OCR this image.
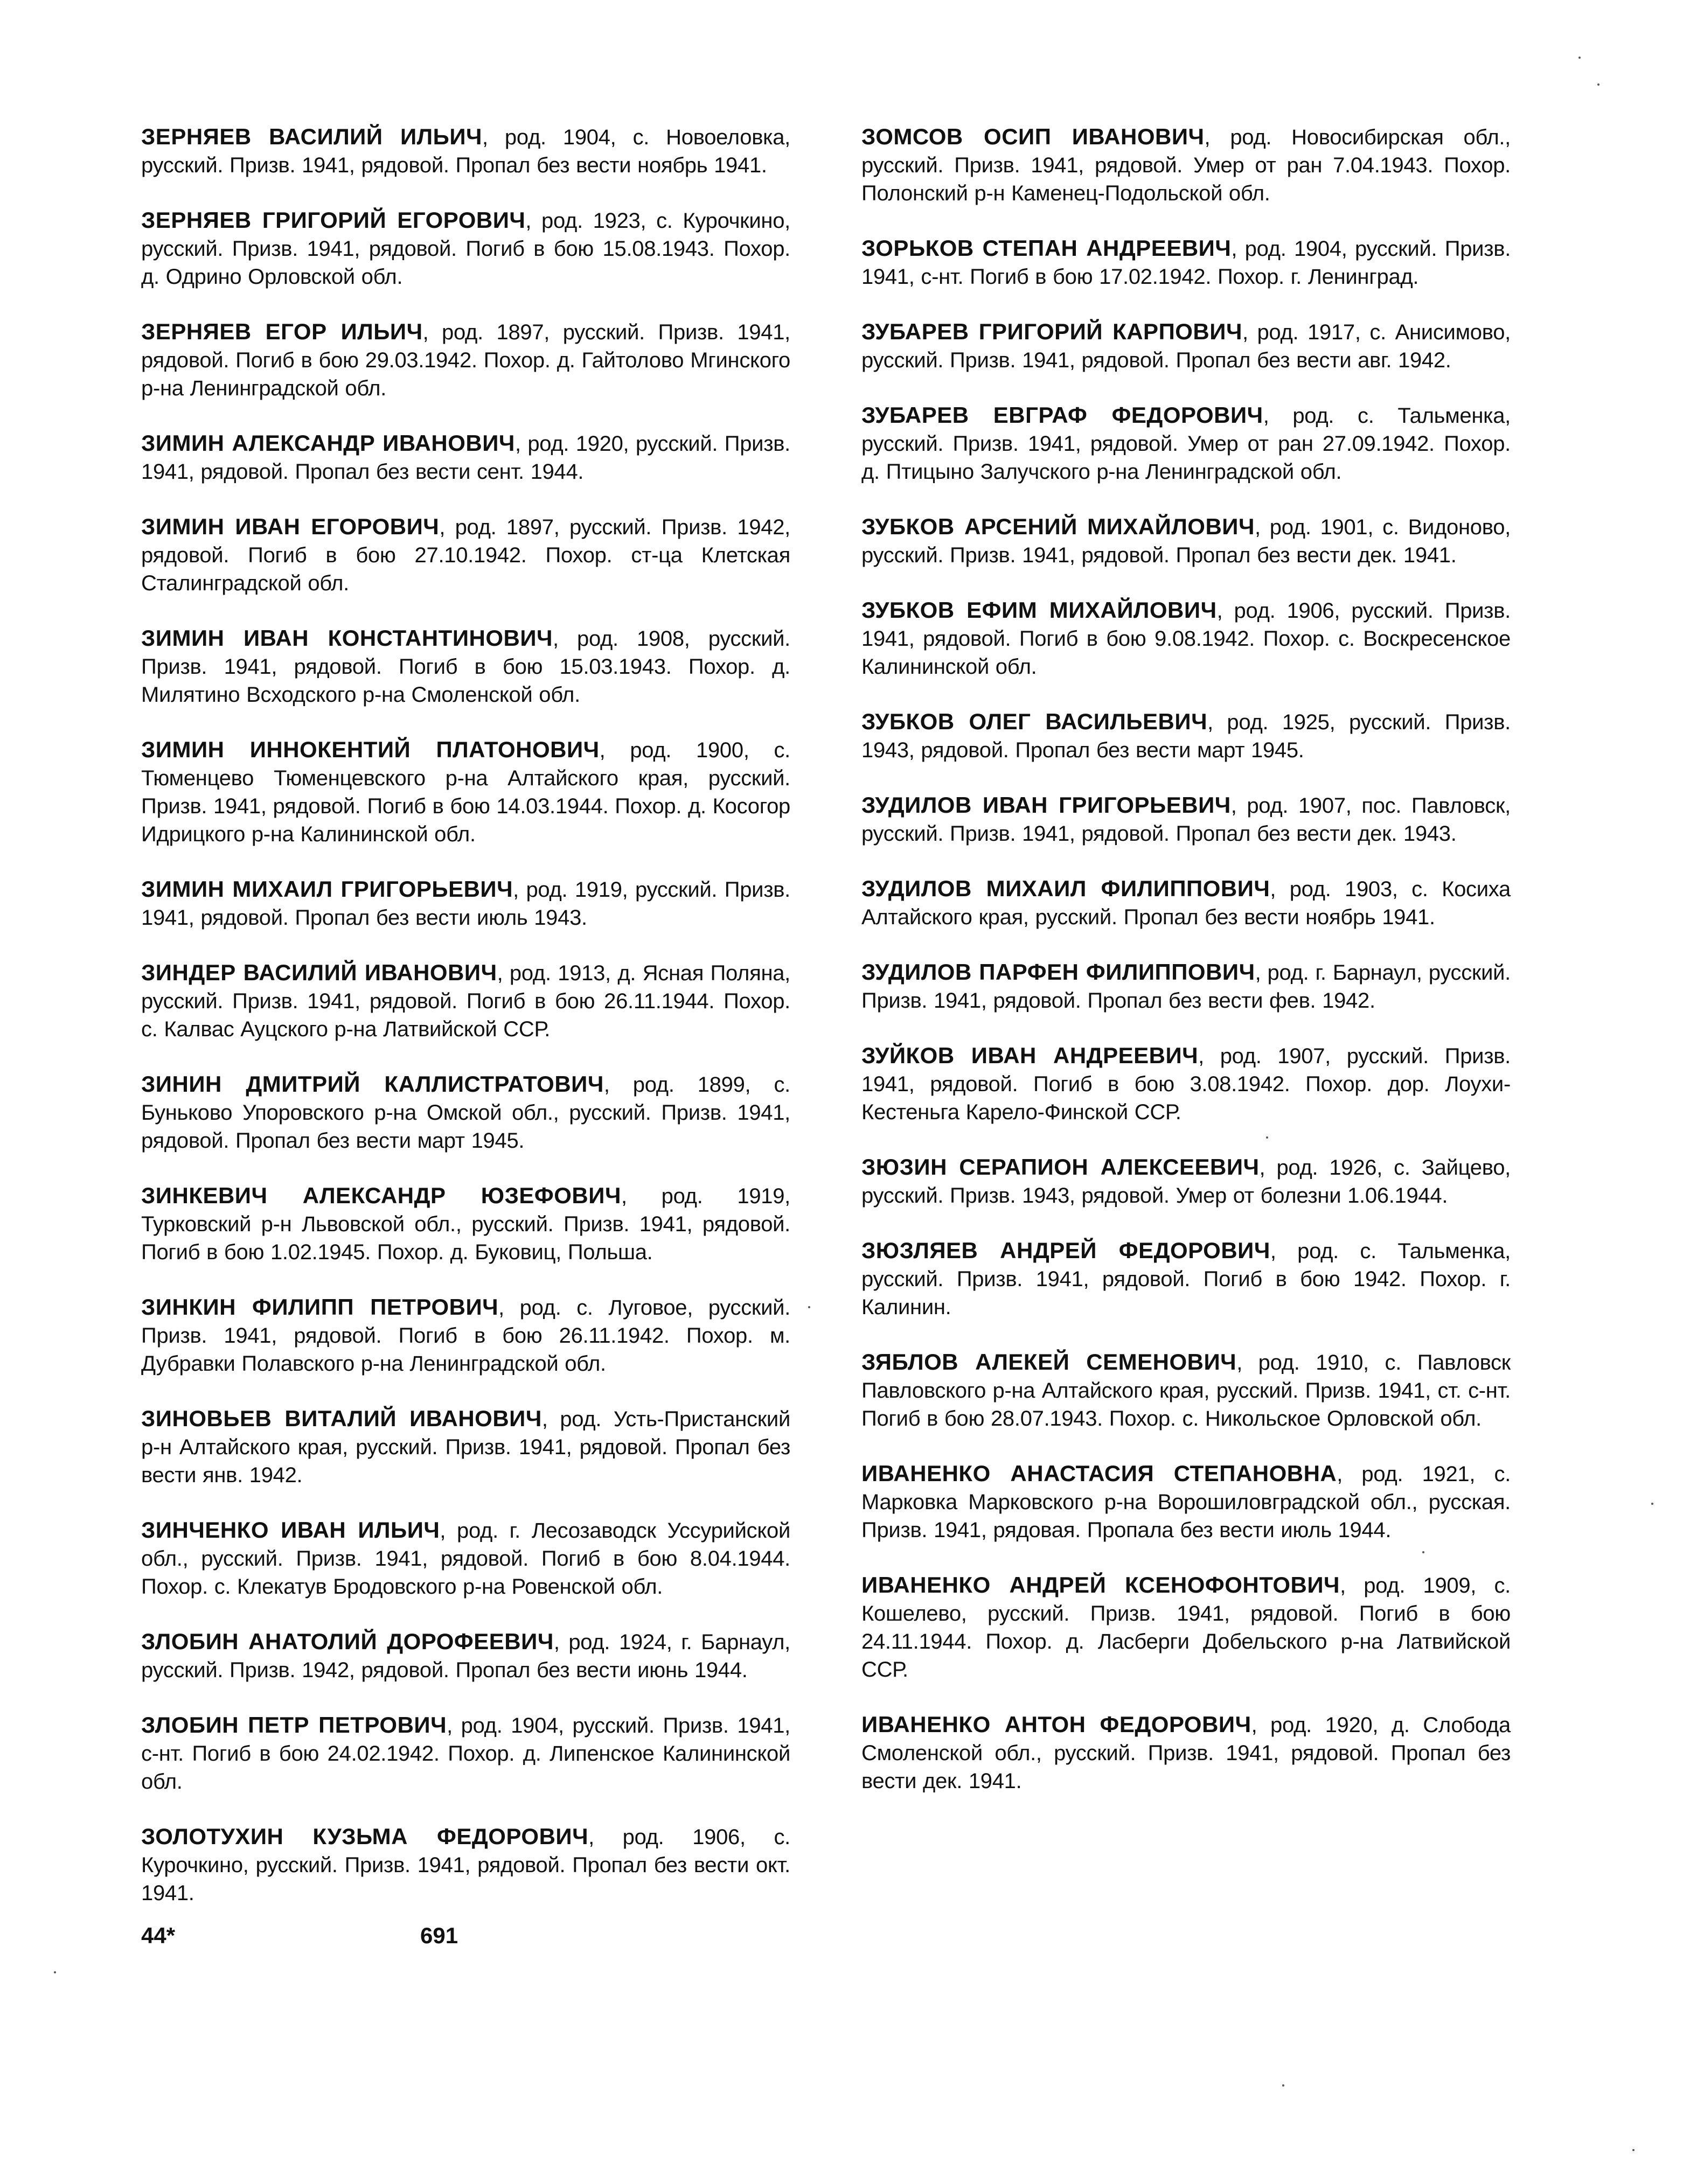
ЗЕРНЯЕВ ВАСИЛИЙ ИЛЬИЧ, род. 1904, с. Новоеловка, русский. Призв. 1941, рядовой. Пропал без вести ноябрь 1941.

ЗЕРНЯЕВ ГРИГОРИЙ ЕГОРОВИЧ, род. 1923, с. Курочкино, русский. Призв. 1941, рядовой. Погиб в бою 15.08.1943. Похор. д. Одрино Орловской обл.

ЗЕРНЯЕВ ЕГОР ИЛЬИЧ, род. 1897, русский. Призв. 1941, рядовой. Погиб в бою 29.03.1942. Похор. д. Гайтолово Мгинского р-на Ленинградской обл.

ЗИМИН АЛЕКСАНДР ИВАНОВИЧ, род. 1920, русский. Призв. 1941, рядовой. Пропал без вести сент. 1944.

ЗИМИН ИВАН ЕГОРОВИЧ, род. 1897, русский. Призв. 1942, рядовой. Погиб в бою 27.10.1942. Похор. ст-ца Клетская Сталинградской обл.

ЗИМИН ИВАН КОНСТАНТИНОВИЧ, род. 1908, русский. Призв. 1941, рядовой. Погиб в бою 15.03.1943. Похор. д. Милятино Всходского р-на Смоленской обл.

ЗИМИН ИННОКЕНТИЙ ПЛАТОНОВИЧ, род. 1900, с. Тюменцево Тюменцевского р-на Алтайского края, русский. Призв. 1941, рядовой. Погиб в бою 14.03.1944. Похор. д. Косогор Идрицкого р-на Калининской обл.

ЗИМИН МИХАИЛ ГРИГОРЬЕВИЧ, род. 1919, русский. Призв. 1941, рядовой. Пропал без вести июль 1943.

ЗИНДЕР ВАСИЛИЙ ИВАНОВИЧ, род. 1913, д. Ясная Поляна, русский. Призв. 1941, рядовой. Погиб в бою 26.11.1944. Похор. с. Калвас Ауцского р-на Латвийской ССР.

ЗИНИН ДМИТРИЙ КАЛЛИСТРАТОВИЧ, род. 1899, с. Буньково Упоровского р-на Омской обл., русский. Призв. 1941, рядовой. Пропал без вести март 1945.

ЗИНКЕВИЧ АЛЕКСАНДР ЮЗЕФОВИЧ, род. 1919, Турковский р-н Львовской обл., русский. Призв. 1941, рядовой. Погиб в бою 1.02.1945. Похор. д. Буковиц, Польша.

ЗИНКИН ФИЛИПП ПЕТРОВИЧ, род. с. Луговое, русский. Призв. 1941, рядовой. Погиб в бою 26.11.1942. Похор. м. Дубравки Полавского р-на Ленинградской обл.

ЗИНОВЬЕВ ВИТАЛИЙ ИВАНОВИЧ, род. Усть-Пристанский р-н Алтайского края, русский. Призв. 1941, рядовой. Пропал без вести янв. 1942.

ЗИНЧЕНКО ИВАН ИЛЬИЧ, род. г. Лесозаводск Уссурийской обл., русский. Призв. 1941, рядовой. Погиб в бою 8.04.1944. Похор. с. Клекатув Бродовского р-на Ровенской обл.

ЗЛОБИН АНАТОЛИЙ ДОРОФЕЕВИЧ, род. 1924, г. Барнаул, русский. Призв. 1942, рядовой. Пропал без вести июнь 1944.

ЗЛОБИН ПЕТР ПЕТРОВИЧ, род. 1904, русский. Призв. 1941, с-нт. Погиб в бою 24.02.1942. Похор. д. Липенское Калининской обл.

ЗОЛОТУХИН КУЗЬМА ФЕДОРОВИЧ, род. 1906, с. Курочкино, русский. Призв. 1941, рядовой. Пропал без вести окт. 1941.

ЗОМСОВ ОСИП ИВАНОВИЧ, род. Новосибирская обл., русский. Призв. 1941, рядовой. Умер от ран 7.04.1943. Похор. Полонский р-н Каменец-Подольской обл.

ЗОРЬКОВ СТЕПАН АНДРЕЕВИЧ, род. 1904, русский. Призв. 1941, с-нт. Погиб в бою 17.02.1942. Похор. г. Ленинград.

ЗУБАРЕВ ГРИГОРИЙ КАРПОВИЧ, род. 1917, с. Анисимово, русский. Призв. 1941, рядовой. Пропал без вести авг. 1942.

ЗУБАРЕВ ЕВГРАФ ФЕДОРОВИЧ, род. с. Тальменка, русский. Призв. 1941, рядовой. Умер от ран 27.09.1942. Похор. д. Птицыно Залучского р-на Ленинградской обл.

ЗУБКОВ АРСЕНИЙ МИХАЙЛОВИЧ, род. 1901, с. Видоново, русский. Призв. 1941, рядовой. Пропал без вести дек. 1941.

ЗУБКОВ ЕФИМ МИХАЙЛОВИЧ, род. 1906, русский. Призв. 1941, рядовой. Погиб в бою 9.08.1942. Похор. с. Воскресенское Калининской обл.

ЗУБКОВ ОЛЕГ ВАСИЛЬЕВИЧ, род. 1925, русский. Призв. 1943, рядовой. Пропал без вести март 1945.

ЗУДИЛОВ ИВАН ГРИГОРЬЕВИЧ, род. 1907, пос. Павловск, русский. Призв. 1941, рядовой. Пропал без вести дек. 1943.

ЗУДИЛОВ МИХАИЛ ФИЛИППОВИЧ, род. 1903, с. Косиха Алтайского края, русский. Пропал без вести ноябрь 1941.

ЗУДИЛОВ ПАРФЕН ФИЛИППОВИЧ, род. г. Барнаул, русский. Призв. 1941, рядовой. Пропал без вести фев. 1942.

ЗУЙКОВ ИВАН АНДРЕЕВИЧ, род. 1907, русский. Призв. 1941, рядовой. Погиб в бою 3.08.1942. Похор. дор. Лоухи-Кестеньга Карело-Финской ССР.

ЗЮЗИН СЕРАПИОН АЛЕКСЕЕВИЧ, род. 1926, с. Зайцево, русский. Призв. 1943, рядовой. Умер от болезни 1.06.1944.

ЗЮЗЛЯЕВ АНДРЕЙ ФЕДОРОВИЧ, род. с. Тальменка, русский. Призв. 1941, рядовой. Погиб в бою 1942. Похор. г. Калинин.

ЗЯБЛОВ АЛЕКЕЙ СЕМЕНОВИЧ, род. 1910, с. Павловск Павловского р-на Алтайского края, русский. Призв. 1941, ст. с-нт. Погиб в бою 28.07.1943. Похор. с. Никольское Орловской обл.

ИВАНЕНКО АНАСТАСИЯ СТЕПАНОВНА, род. 1921, с. Марковка Марковского р-на Ворошиловградской обл., русская. Призв. 1941, рядовая. Пропала без вести июль 1944.

ИВАНЕНКО АНДРЕЙ КСЕНОФОНТОВИЧ, род. 1909, с. Кошелево, русский. Призв. 1941, рядовой. Погиб в бою 24.11.1944. Похор. д. Ласберги Добельского р-на Латвийской ССР.

ИВАНЕНКО АНТОН ФЕДОРОВИЧ, род. 1920, д. Слобода Смоленской обл., русский. Призв. 1941, рядовой. Пропал без вести дек. 1941.

44*	691
